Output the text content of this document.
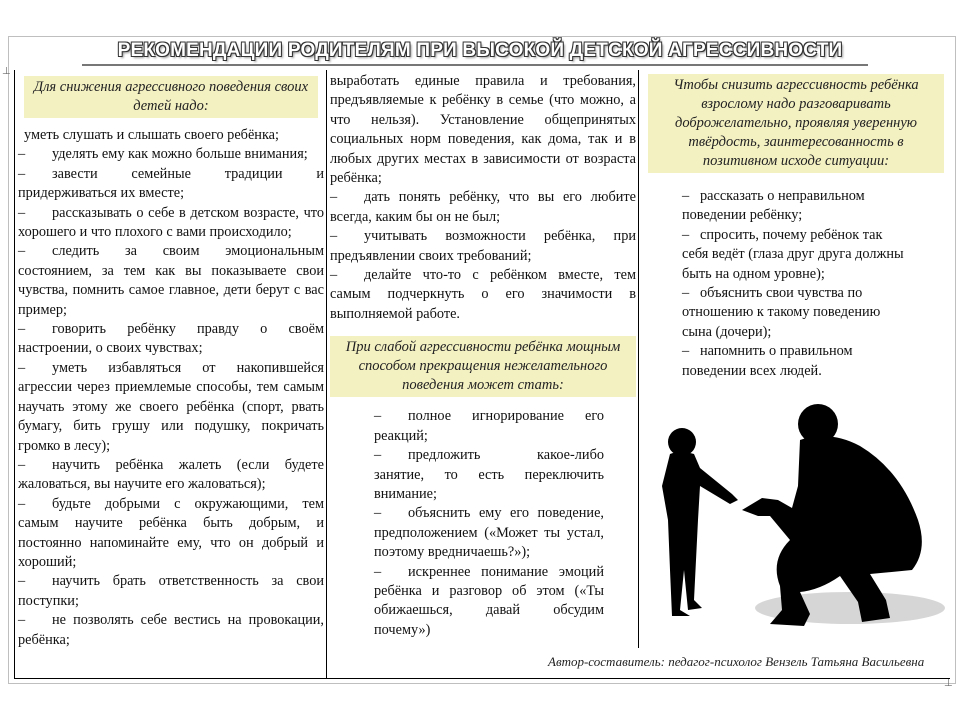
⊥
⊥
РЕКОМЕНДАЦИИ РОДИТЕЛЯМ ПРИ ВЫСОКОЙ ДЕТСКОЙ АГРЕССИВНОСТИ
Для снижения агрессивного поведения своих детей надо:

уметь слушать и слышать своего ребёнка;

– уделять ему как можно больше внимания;

– завести семейные традиции и придерживаться их вместе;

– рассказывать о себе в детском возрасте, что хорошего и что плохого с вами происходило;

– следить за своим эмоциональным состоянием, за тем как вы показываете свои чувства, помнить самое главное, дети берут с вас пример;

– говорить ребёнку правду о своём настроении, о своих чувствах;

– уметь избавляться от накопившейся агрессии через приемлемые способы, тем самым научать этому же своего ребёнка (спорт, рвать бумагу, бить грушу или подушку, покричать громко в лесу);

– научить ребёнка жалеть (если будете жаловаться, вы научите его жаловаться);

– будьте добрыми с окружающими, тем самым научите ребёнка быть добрым, и постоянно напоминайте ему, что он добрый и хороший;

– научить брать ответственность за свои поступки;

– не позволять себе вестись на провокации, ребёнка;

выработать единые правила и требования, предъявляемые к ребёнку в семье (что можно, а что нельзя). Установление общепринятых социальных норм поведения, как дома, так и в любых других местах в зависимости от возраста ребёнка;

– дать понять ребёнку, что вы его любите всегда, каким бы он не был;

– учитывать возможности ребёнка, при предъявлении своих требований;

– делайте что-то с ребёнком вместе, тем самым подчеркнуть о его значимости в выполняемой работе.

При слабой агрессивности ребёнка мощным способом прекращения нежелательного поведения может стать:

– полное игнорирование его реакций;

– предложить какое-либо занятие, то есть переключить внимание;

– объяснить ему его поведение, предположением («Может ты устал, поэтому вредничаешь?»);

– искреннее понимание эмоций ребёнка и разговор об этом («Ты обижаешься, давай обсудим почему»)

Чтобы снизить агрессивность ребёнка взрослому надо разговаривать доброжелательно, проявляя уверенную твёрдость, заинтересованность в позитивном исходе ситуации:

– рассказать о неправильном поведении ребёнку;

– спросить, почему ребёнок так себя ведёт (глаза друг друга должны быть на одном уровне);

– объяснить свои чувства по отношению к такому поведению сына (дочери);

– напомнить о правильном поведении всех людей.

Автор-составитель: педагог-психолог Вензель Татьяна Васильевна
